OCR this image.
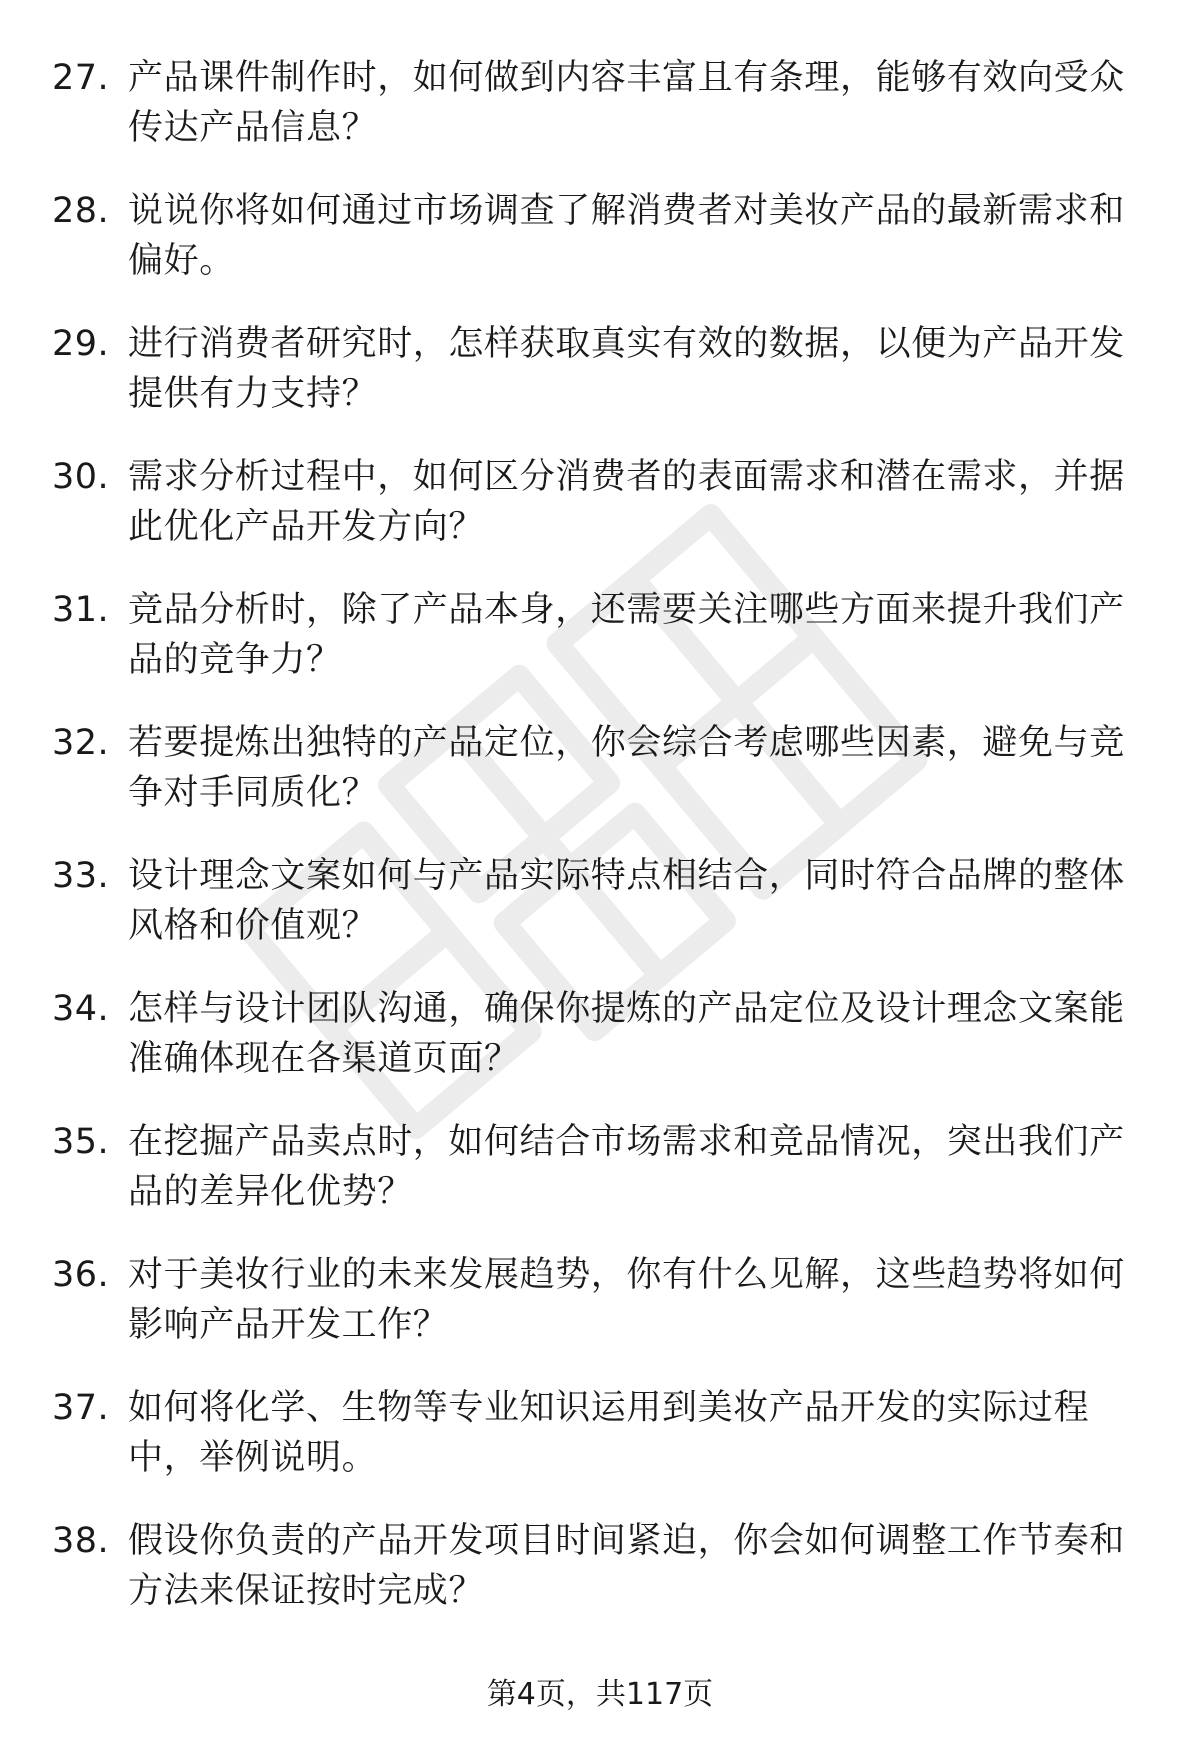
27. 产品课件制作时，如何做到内容丰富且有条理，能够有效向受众传达产品信息？
28. 说说你将如何通过市场调查了解消费者对美妆产品的最新需求和偏好。
29. 进行消费者研究时，怎样获取真实有效的数据，以便为产品开发提供有力支持？
30. 需求分析过程中，如何区分消费者的表面需求和潜在需求，并据此优化产品开发方向？
31. 竞品分析时，除了产品本身，还需要关注哪些方面来提升我们产品的竞争力？
32. 若要提炼出独特的产品定位，你会综合考虑哪些因素，避免与竞争对手同质化？
33. 设计理念文案如何与产品实际特点相结合，同时符合品牌的整体风格和价值观？
34. 怎样与设计团队沟通，确保你提炼的产品定位及设计理念文案能准确体现在各渠道页面？
35. 在挖掘产品卖点时，如何结合市场需求和竞品情况，突出我们产品的差异化优势？
36. 对于美妆行业的未来发展趋势，你有什么见解，这些趋势将如何影响产品开发工作？
37. 如何将化学、生物等专业知识运用到美妆产品开发的实际过程中，举例说明。
38. 假设你负责的产品开发项目时间紧迫，你会如何调整工作节奏和方法来保证按时完成？
第4页，共117页
